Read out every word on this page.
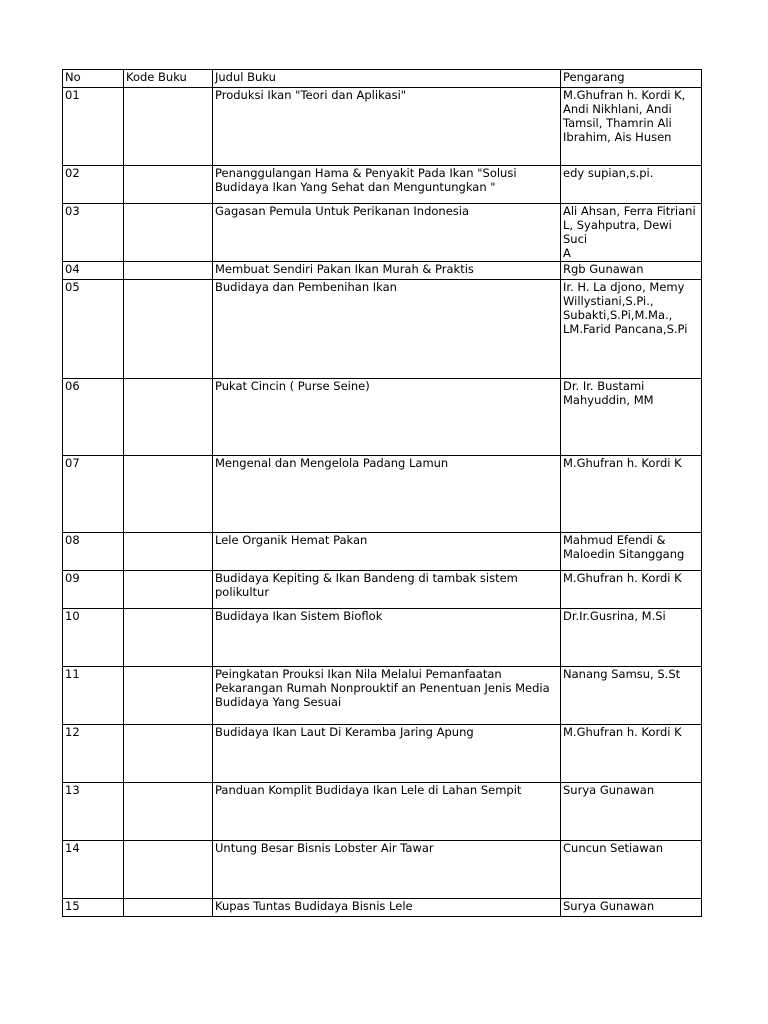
No	Kode Buku	Judul Buku	Pengarang
01		Produksi Ikan "Teori dan Aplikasi"	M.Ghufran h. Kordi K,
Andi Nikhlani, Andi
Tamsil, Thamrin Ali
Ibrahim, Ais Husen
02		Penanggulangan Hama & Penyakit Pada Ikan "Solusi
Budidaya Ikan Yang Sehat dan Menguntungkan "	edy supian,s.pi.
03		Gagasan Pemula Untuk Perikanan Indonesia	Ali Ahsan, Ferra Fitriani
L, Syahputra, Dewi Suci
A
04		Membuat Sendiri Pakan Ikan Murah & Praktis	Rgb Gunawan
05		Budidaya dan Pembenihan Ikan	Ir. H. La djono, Memy
Willystiani,S.Pi.,
Subakti,S.Pi,M.Ma.,
LM.Farid Pancana,S.Pi
06		Pukat Cincin ( Purse Seine)	Dr. Ir. Bustami
Mahyuddin, MM
07		Mengenal dan Mengelola Padang Lamun	M.Ghufran h. Kordi K
08		Lele Organik Hemat Pakan	Mahmud Efendi &
Maloedin Sitanggang
09		Budidaya Kepiting & Ikan Bandeng di tambak sistem
polikultur	M.Ghufran h. Kordi K
10		Budidaya Ikan Sistem Bioflok	Dr.Ir.Gusrina, M.Si
11		Peingkatan Prouksi Ikan Nila Melalui Pemanfaatan
Pekarangan Rumah Nonprouktif an Penentuan Jenis Media
Budidaya Yang Sesuai	Nanang Samsu, S.St
12		Budidaya Ikan Laut Di Keramba Jaring Apung	M.Ghufran h. Kordi K
13		Panduan Komplit Budidaya Ikan Lele di Lahan Sempit	Surya Gunawan
14		Untung Besar Bisnis Lobster Air Tawar	Cuncun Setiawan
15		Kupas Tuntas Budidaya Bisnis Lele	Surya Gunawan
